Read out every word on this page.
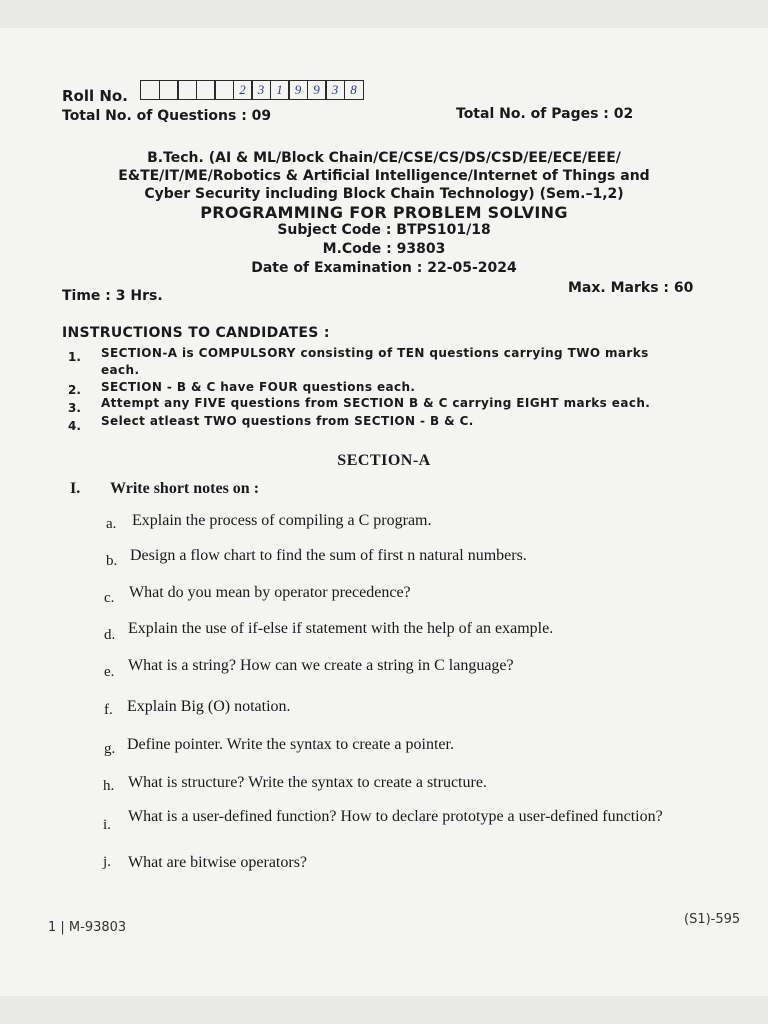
Roll No.	2 3 1 9 9 3 8
Total No. of Questions : 09	Total No. of Pages : 02
B.Tech. (AI & ML/Block Chain/CE/CSE/CS/DS/CSD/EE/ECE/EEE/
E&TE/IT/ME/Robotics & Artificial Intelligence/Internet of Things and
Cyber Security including Block Chain Technology) (Sem.–1,2)
PROGRAMMING FOR PROBLEM SOLVING
Subject Code : BTPS101/18
M.Code : 93803
Date of Examination : 22-05-2024
Time : 3 Hrs.	Max. Marks : 60
INSTRUCTIONS TO CANDIDATES :
1. SECTION-A is COMPULSORY consisting of TEN questions carrying TWO marks
each.
2. SECTION - B & C have FOUR questions each.
3. Attempt any FIVE questions from SECTION B & C carrying EIGHT marks each.
4. Select atleast TWO questions from SECTION - B & C.
SECTION-A
I. Write short notes on :
a. Explain the process of compiling a C program.
b. Design a flow chart to find the sum of first n natural numbers.
c. What do you mean by operator precedence?
d. Explain the use of if-else if statement with the help of an example.
e. What is a string? How can we create a string in C language?
f. Explain Big (O) notation.
g. Define pointer. Write the syntax to create a pointer.
h. What is structure? Write the syntax to create a structure.
i. What is a user-defined function? How to declare prototype a user-defined function?
j. What are bitwise operators?
1 | M-93803
(S1)-595
